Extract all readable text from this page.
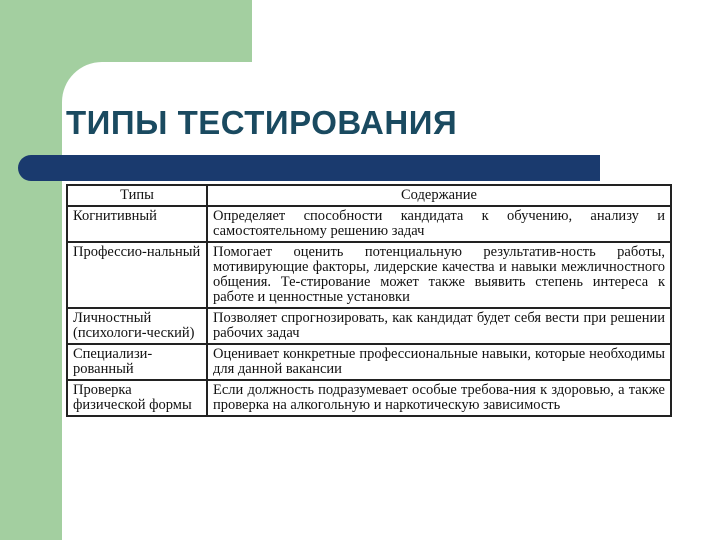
ТИПЫ ТЕСТИРОВАНИЯ
Типы	Содержание
Когнитивный	Определяет способности кандидата к обучению, анализу и самостоятельному решению задач
Профессио-нальный	Помогает оценить потенциальную результатив-ность работы, мотивирующие факторы, лидерские качества и навыки межличностного общения. Те-стирование может также выявить степень интереса к работе и ценностные установки
Личностный (психологи-ческий)	Позволяет спрогнозировать, как кандидат будет себя вести при решении рабочих задач
Специализи-рованный	Оценивает конкретные профессиональные навыки, которые необходимы для данной вакансии
Проверка физической формы	Если должность подразумевает особые требова-ния к здоровью, а также проверка на алкогольную и наркотическую зависимость
